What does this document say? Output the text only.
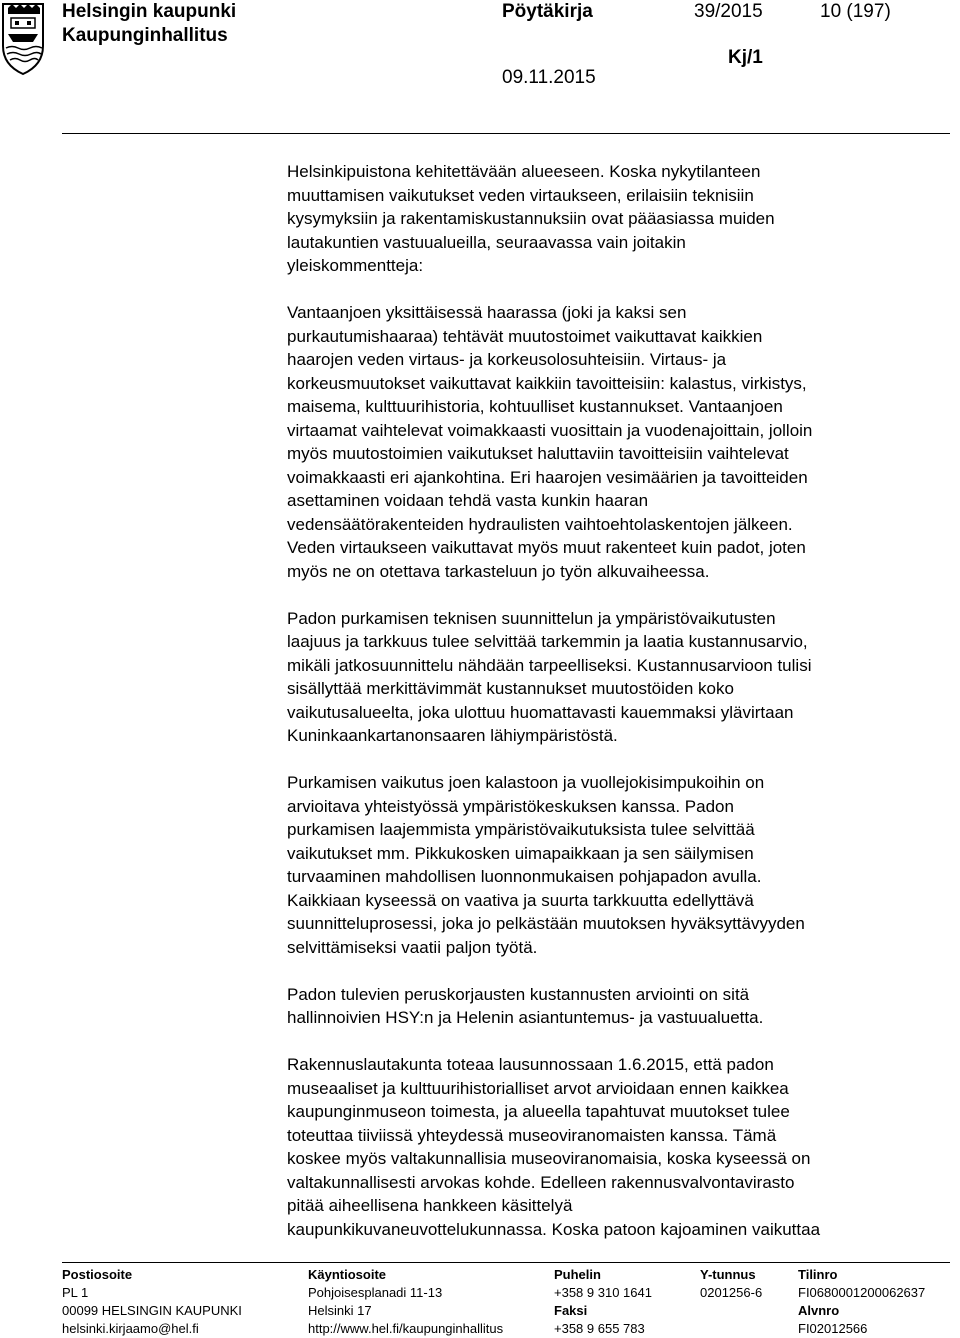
Helsingin kaupunki
Kaupunginhallitus
Pöytäkirja	39/2015	10 (197)
Kj/1
09.11.2015

Helsinkipuistona kehitettävään alueeseen. Koska nykytilanteen
muuttamisen vaikutukset veden virtaukseen, erilaisiin teknisiin
kysymyksiin ja rakentamiskustannuksiin ovat pääasiassa muiden
lautakuntien vastuualueilla, seuraavassa vain joitakin
yleiskommentteja:

Vantaanjoen yksittäisessä haarassa (joki ja kaksi sen
purkautumishaaraa) tehtävät muutostoimet vaikuttavat kaikkien
haarojen veden virtaus- ja korkeusolosuhteisiin. Virtaus- ja
korkeusmuutokset vaikuttavat kaikkiin tavoitteisiin: kalastus, virkistys,
maisema, kulttuurihistoria, kohtuulliset kustannukset. Vantaanjoen
virtaamat vaihtelevat voimakkaasti vuosittain ja vuodenajoittain, jolloin
myös muutostoimien vaikutukset haluttaviin tavoitteisiin vaihtelevat
voimakkaasti eri ajankohtina. Eri haarojen vesimäärien ja tavoitteiden
asettaminen voidaan tehdä vasta kunkin haaran
vedensäätörakenteiden hydraulisten vaihtoehtolaskentojen jälkeen.
Veden virtaukseen vaikuttavat myös muut rakenteet kuin padot, joten
myös ne on otettava tarkasteluun jo työn alkuvaiheessa.

Padon purkamisen teknisen suunnittelun ja ympäristövaikutusten
laajuus ja tarkkuus tulee selvittää tarkemmin ja laatia kustannusarvio,
mikäli jatkosuunnittelu nähdään tarpeelliseksi. Kustannusarvioon tulisi
sisällyttää merkittävimmät kustannukset muutostöiden koko
vaikutusalueelta, joka ulottuu huomattavasti kauemmaksi ylävirtaan
Kuninkaankartanonsaaren lähiympäristöstä.

Purkamisen vaikutus joen kalastoon ja vuollejokisimpukoihin on
arvioitava yhteistyössä ympäristökeskuksen kanssa. Padon
purkamisen laajemmista ympäristövaikutuksista tulee selvittää
vaikutukset mm. Pikkukosken uimapaikkaan ja sen säilymisen
turvaaminen mahdollisen luonnonmukaisen pohjapadon avulla.
Kaikkiaan kyseessä on vaativa ja suurta tarkkuutta edellyttävä
suunnitteluprosessi, joka jo pelkästään muutoksen hyväksyttävyyden
selvittämiseksi vaatii paljon työtä.

Padon tulevien peruskorjausten kustannusten arviointi on sitä
hallinnoivien HSY:n ja Helenin asiantuntemus- ja vastuualuetta.

Rakennuslautakunta toteaa lausunnossaan 1.6.2015, että padon
museaaliset ja kulttuurihistorialliset arvot arvioidaan ennen kaikkea
kaupunginmuseon toimesta, ja alueella tapahtuvat muutokset tulee
toteuttaa tiiviissä yhteydessä museoviranomaisten kanssa. Tämä
koskee myös valtakunnallisia museoviranomaisia, koska kyseessä on
valtakunnallisesti arvokas kohde. Edelleen rakennusvalvontavirasto
pitää aiheellisena hankkeen käsittelyä
kaupunkikuvaneuvottelukunnassa. Koska patoon kajoaminen vaikuttaa

Postiosoite
PL 1
00099 HELSINGIN KAUPUNKI
helsinki.kirjaamo@hel.fi
Käyntiosoite
Pohjoisesplanadi 11-13
Helsinki 17
http://www.hel.fi/kaupunginhallitus
Puhelin
+358 9 310 1641
Faksi
+358 9 655 783
Y-tunnus
0201256-6
Tilinro
FI0680001200062637
Alvnro
FI02012566
